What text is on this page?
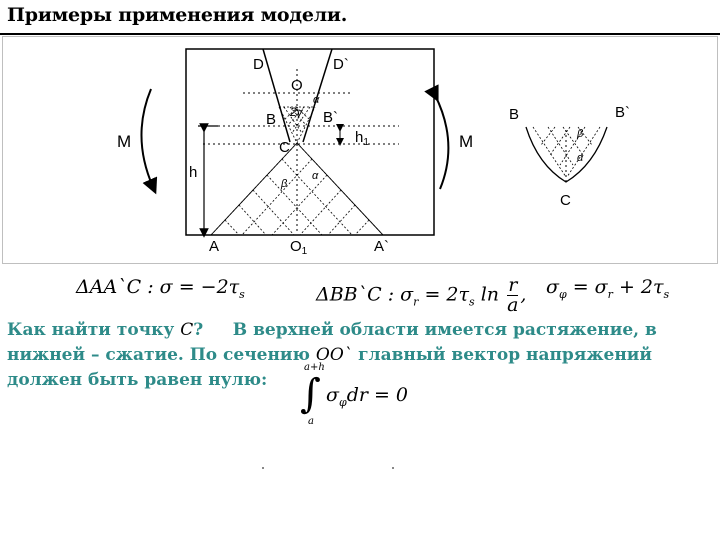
Примеры применения модели.
D	D`
O
α
2γ
B	B`
$h_1$
C
h
β
α
A	$O_1$	A`
M	M
B	B`
β
α
C
ΔAA`C : $\sigma = -2\tau_s$	ΔBB`C : $\sigma_r = 2\tau_s$ $\ln \frac{r}{a}$ , $\sigma_\varphi = \sigma_r + 2\tau_s$
Как найти точку C? В верхней области имеется растяжение, в
нижней – сжатие. По сечению OO` главный вектор напряжений
должен быть равен нулю:
a+h
∫
a
$\sigma_\varphi dr = 0$
